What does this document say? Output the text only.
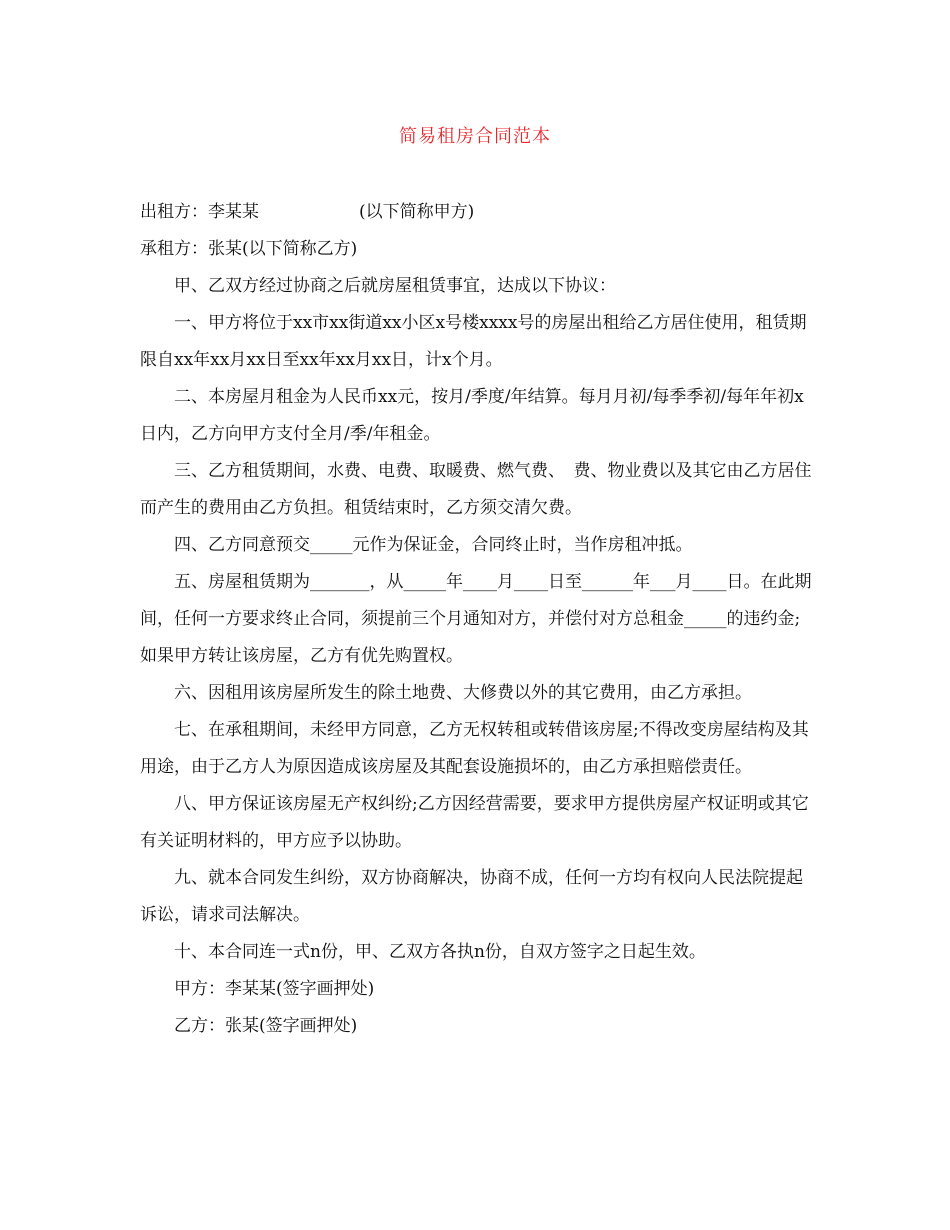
简易租房合同范本

出租方：李某某	(以下简称甲方)

承租方：张某(以下简称乙方)

甲、乙双方经过协商之后就房屋租赁事宜，达成以下协议：

一、甲方将位于xx市xx街道xx小区x号楼xxxx号的房屋出租给乙方居住使用，租赁期限自xx年xx月xx日至xx年xx月xx日，计x个月。

二、本房屋月租金为人民币xx元，按月/季度/年结算。每月月初/每季季初/每年年初x日内，乙方向甲方支付全月/季/年租金。

三、乙方租赁期间，水费、电费、取暖费、燃气费、　费、物业费以及其它由乙方居住而产生的费用由乙方负担。租赁结束时，乙方须交清欠费。

四、乙方同意预交_____元作为保证金，合同终止时，当作房租冲抵。

五、房屋租赁期为_______，从_____年____月____日至______年___月____日。在此期间，任何一方要求终止合同，须提前三个月通知对方，并偿付对方总租金_____的违约金;如果甲方转让该房屋，乙方有优先购置权。

六、因租用该房屋所发生的除土地费、大修费以外的其它费用，由乙方承担。

七、在承租期间，未经甲方同意，乙方无权转租或转借该房屋;不得改变房屋结构及其用途，由于乙方人为原因造成该房屋及其配套设施损坏的，由乙方承担赔偿责任。

八、甲方保证该房屋无产权纠纷;乙方因经营需要，要求甲方提供房屋产权证明或其它有关证明材料的，甲方应予以协助。

九、就本合同发生纠纷，双方协商解决，协商不成，任何一方均有权向人民法院提起诉讼，请求司法解决。

十、本合同连一式n份，甲、乙双方各执n份，自双方签字之日起生效。

甲方：李某某(签字画押处)

乙方：张某(签字画押处)
